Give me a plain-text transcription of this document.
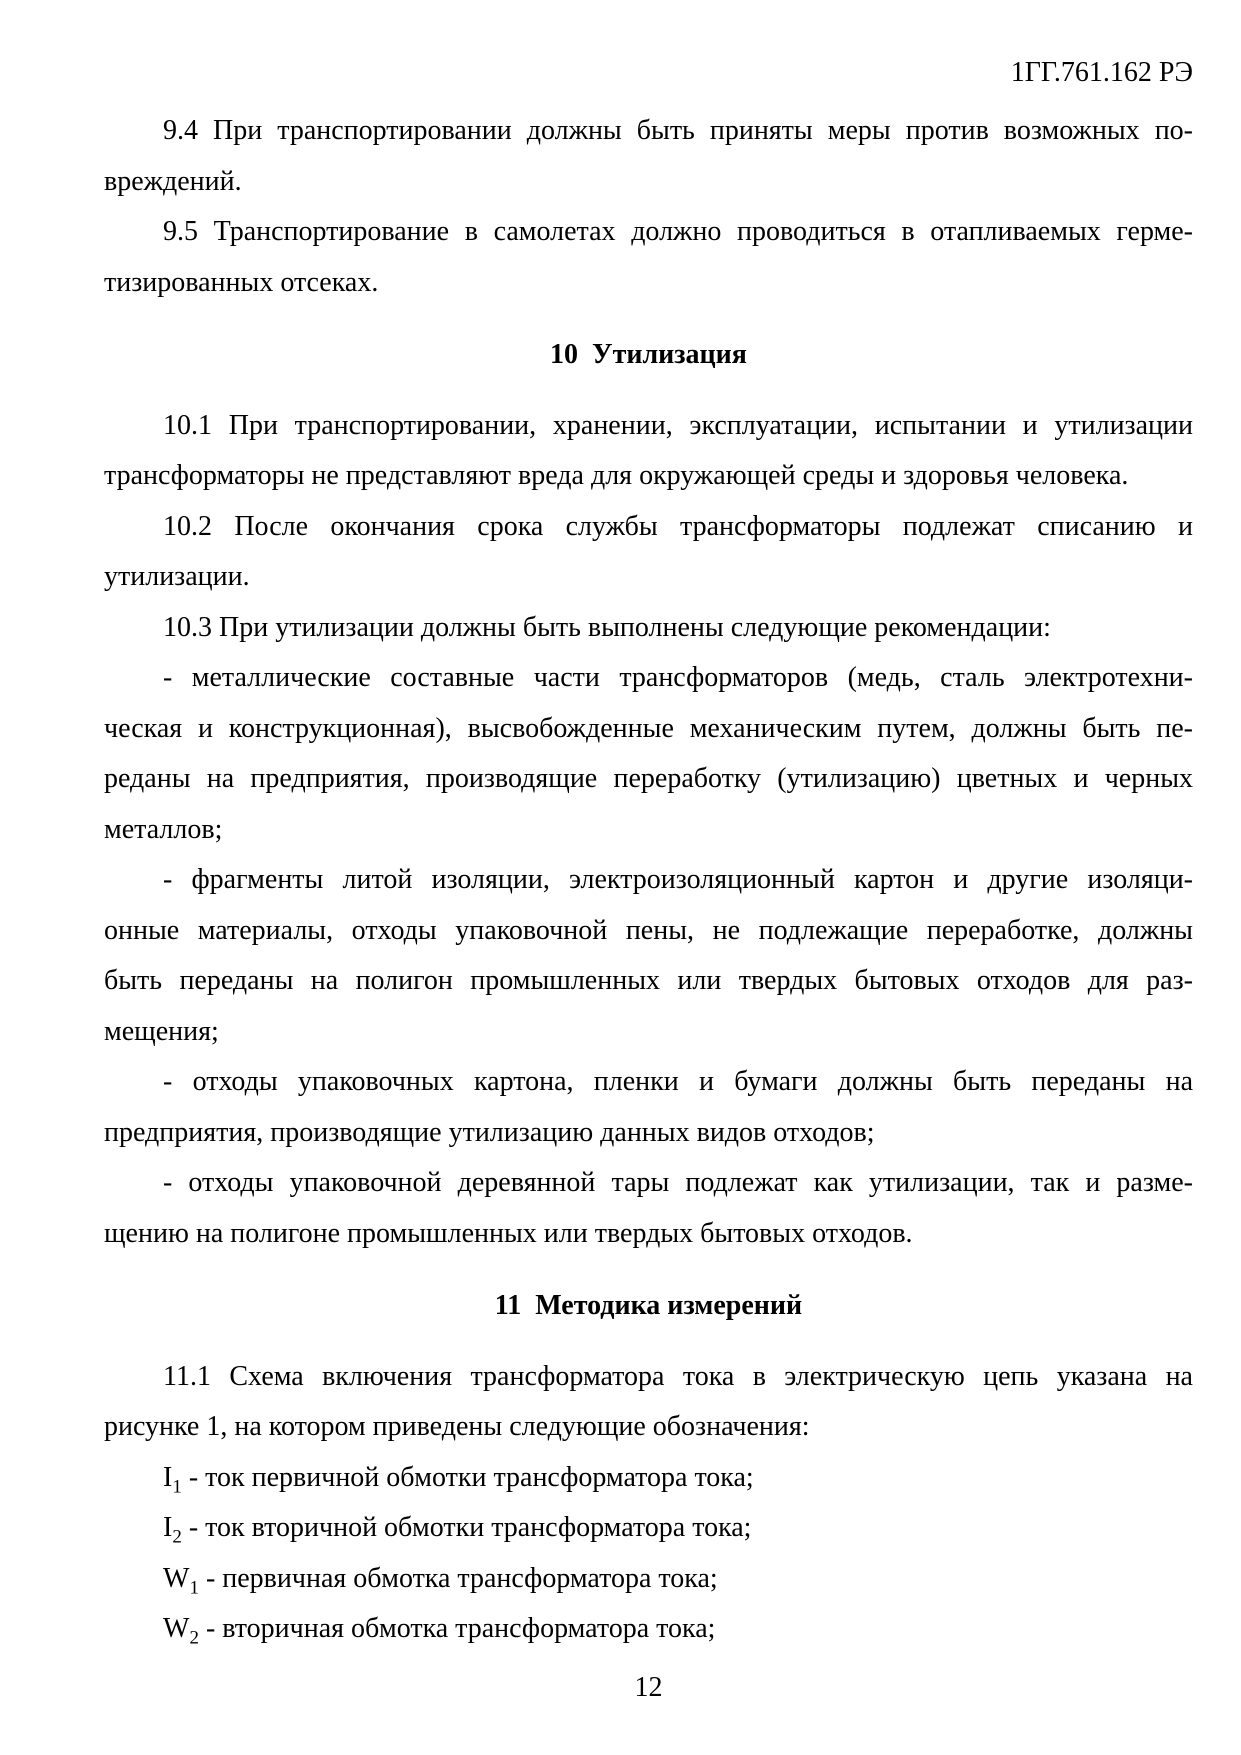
1ГГ.761.162 РЭ
9.4 При транспортировании должны быть приняты меры против возможных по-
вреждений.
9.5 Транспортирование в самолетах должно проводиться в отапливаемых герме-
тизированных отсеках.
10  Утилизация
10.1 При транспортировании, хранении, эксплуатации, испытании и утилизации
трансформаторы не представляют вреда для окружающей среды и здоровья человека.
10.2 После окончания срока службы трансформаторы подлежат списанию и
утилизации.
10.3 При утилизации должны быть выполнены следующие рекомендации:
- металлические составные части трансформаторов (медь, сталь электротехни-
ческая и конструкционная), высвобожденные механическим путем, должны быть пе-
реданы на предприятия, производящие переработку (утилизацию) цветных и черных
металлов;
- фрагменты литой изоляции, электроизоляционный картон и другие изоляци-
онные материалы, отходы упаковочной пены, не подлежащие переработке, должны
быть переданы на полигон промышленных или твердых бытовых отходов для раз-
мещения;
- отходы упаковочных картона, пленки и бумаги должны быть переданы на
предприятия, производящие утилизацию данных видов отходов;
- отходы упаковочной деревянной тары подлежат как утилизации, так и разме-
щению на полигоне промышленных или твердых бытовых отходов.
11  Методика измерений
11.1 Схема включения трансформатора тока в электрическую цепь указана на
рисунке 1, на котором приведены следующие обозначения:
$I_1$ - ток первичной обмотки трансформатора тока;
$I_2$ - ток вторичной обмотки трансформатора тока;
$W_1$ - первичная обмотка трансформатора тока;
$W_2$ - вторичная обмотка трансформатора тока;
12
